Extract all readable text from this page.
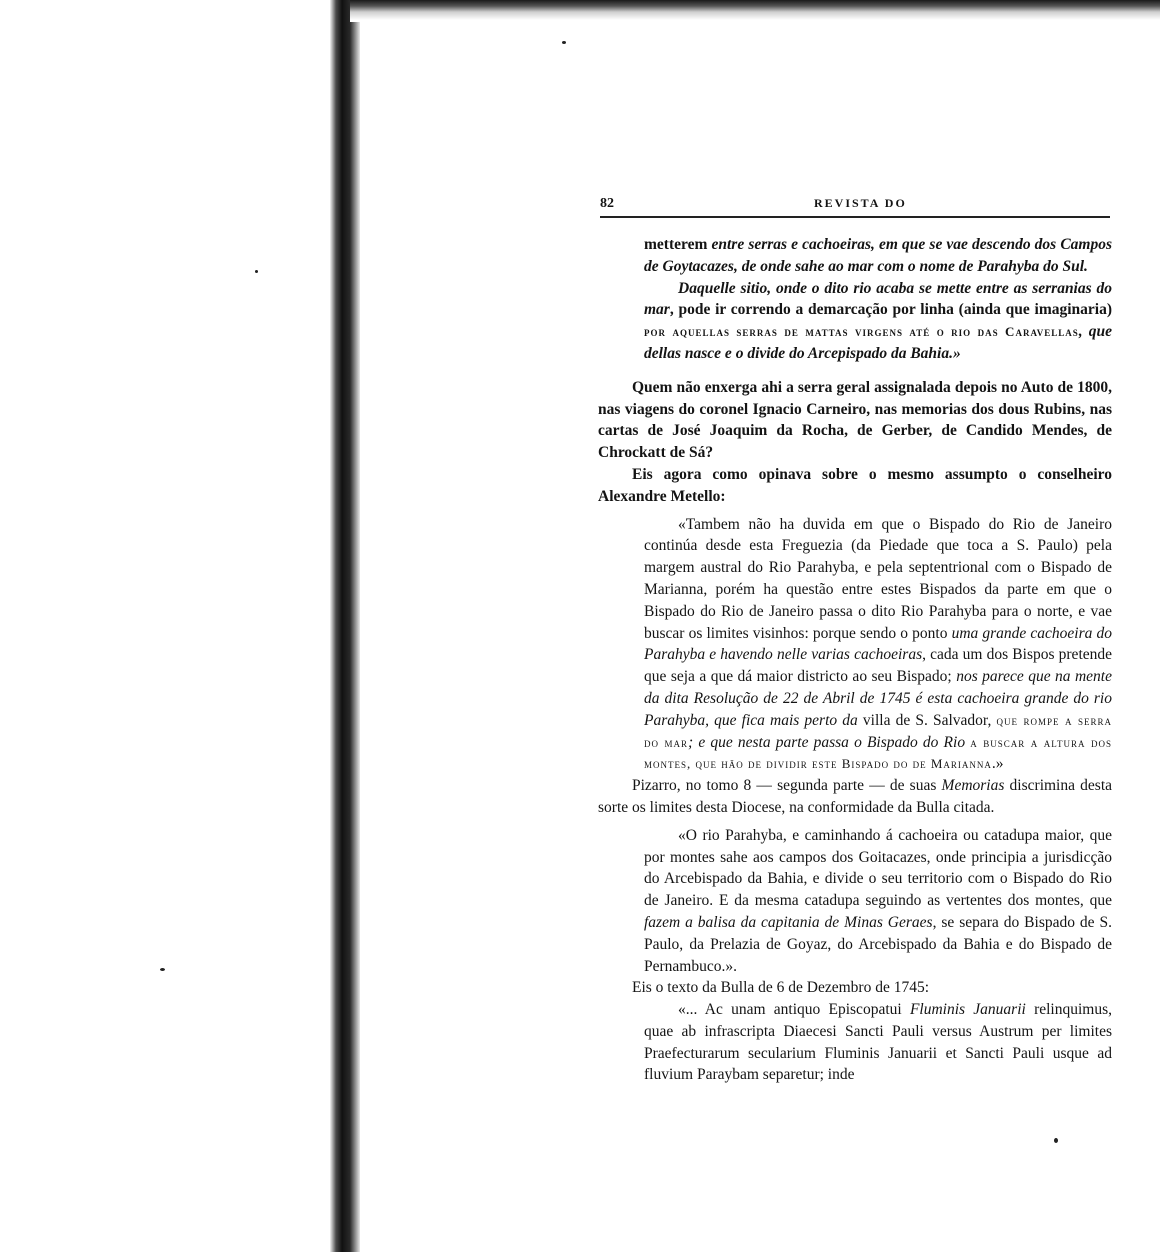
82	REVISTA DO

metterem entre serras e cachoeiras, em que se vae descendo dos Campos de Goytacazes, de onde sahe ao mar com o nome de Parahyba do Sul.

Daquelle sitio, onde o dito rio acaba se mette entre as serranias do mar, pode ir correndo a demarcação por linha (ainda que imaginaria) por aquellas serras de mattas virgens até o rio das Caravellas, que dellas nasce e o divide do Arcepispado da Bahia.»

Quem não enxerga ahi a serra geral assignalada depois no Auto de 1800, nas viagens do coronel Ignacio Carneiro, nas memorias dos dous Rubins, nas cartas de José Joaquim da Rocha, de Gerber, de Candido Mendes, de Chrockatt de Sá?

Eis agora como opinava sobre o mesmo assumpto o conselheiro Alexandre Metello:

«Tambem não ha duvida em que o Bispado do Rio de Janeiro continúa desde esta Freguezia (da Piedade que toca a S. Paulo) pela margem austral do Rio Parahyba, e pela septentrional com o Bispado de Marianna, porém ha questão entre estes Bispados da parte em que o Bispado do Rio de Janeiro passa o dito Rio Parahyba para o norte, e vae buscar os limites visinhos: porque sendo o ponto uma grande cachoeira do Parahyba e havendo nelle varias cachoeiras, cada um dos Bispos pretende que seja a que dá maior districto ao seu Bispado; nos parece que na mente da dita Resolução de 22 de Abril de 1745 é esta cachoeira grande do rio Parahyba, que fica mais perto da villa de S. Salvador, que rompe a serra do mar; e que nesta parte passa o Bispado do Rio a buscar a altura dos montes, que hão de dividir este Bispado do de Marianna.»

Pizarro, no tomo 8 — segunda parte — de suas Memorias discrimina desta sorte os limites desta Diocese, na conformidade da Bulla citada.

«O rio Parahyba, e caminhando á cachoeira ou catadupa maior, que por montes sahe aos campos dos Goitacazes, onde principia a jurisdicção do Arcebispado da Bahia, e divide o seu territorio com o Bispado do Rio de Janeiro. E da mesma catadupa seguindo as vertentes dos montes, que fazem a balisa da capitania de Minas Geraes, se separa do Bispado de S. Paulo, da Prelazia de Goyaz, do Arcebispado da Bahia e do Bispado de Pernambuco.».

Eis o texto da Bulla de 6 de Dezembro de 1745:

«... Ac unam antiquo Episcopatui Fluminis Januarii relinquimus, quae ab infrascripta Diaecesi Sancti Pauli versus Austrum per limites Praefecturarum secularium Fluminis Januarii et Sancti Pauli usque ad fluvium Paraybam separetur; inde
